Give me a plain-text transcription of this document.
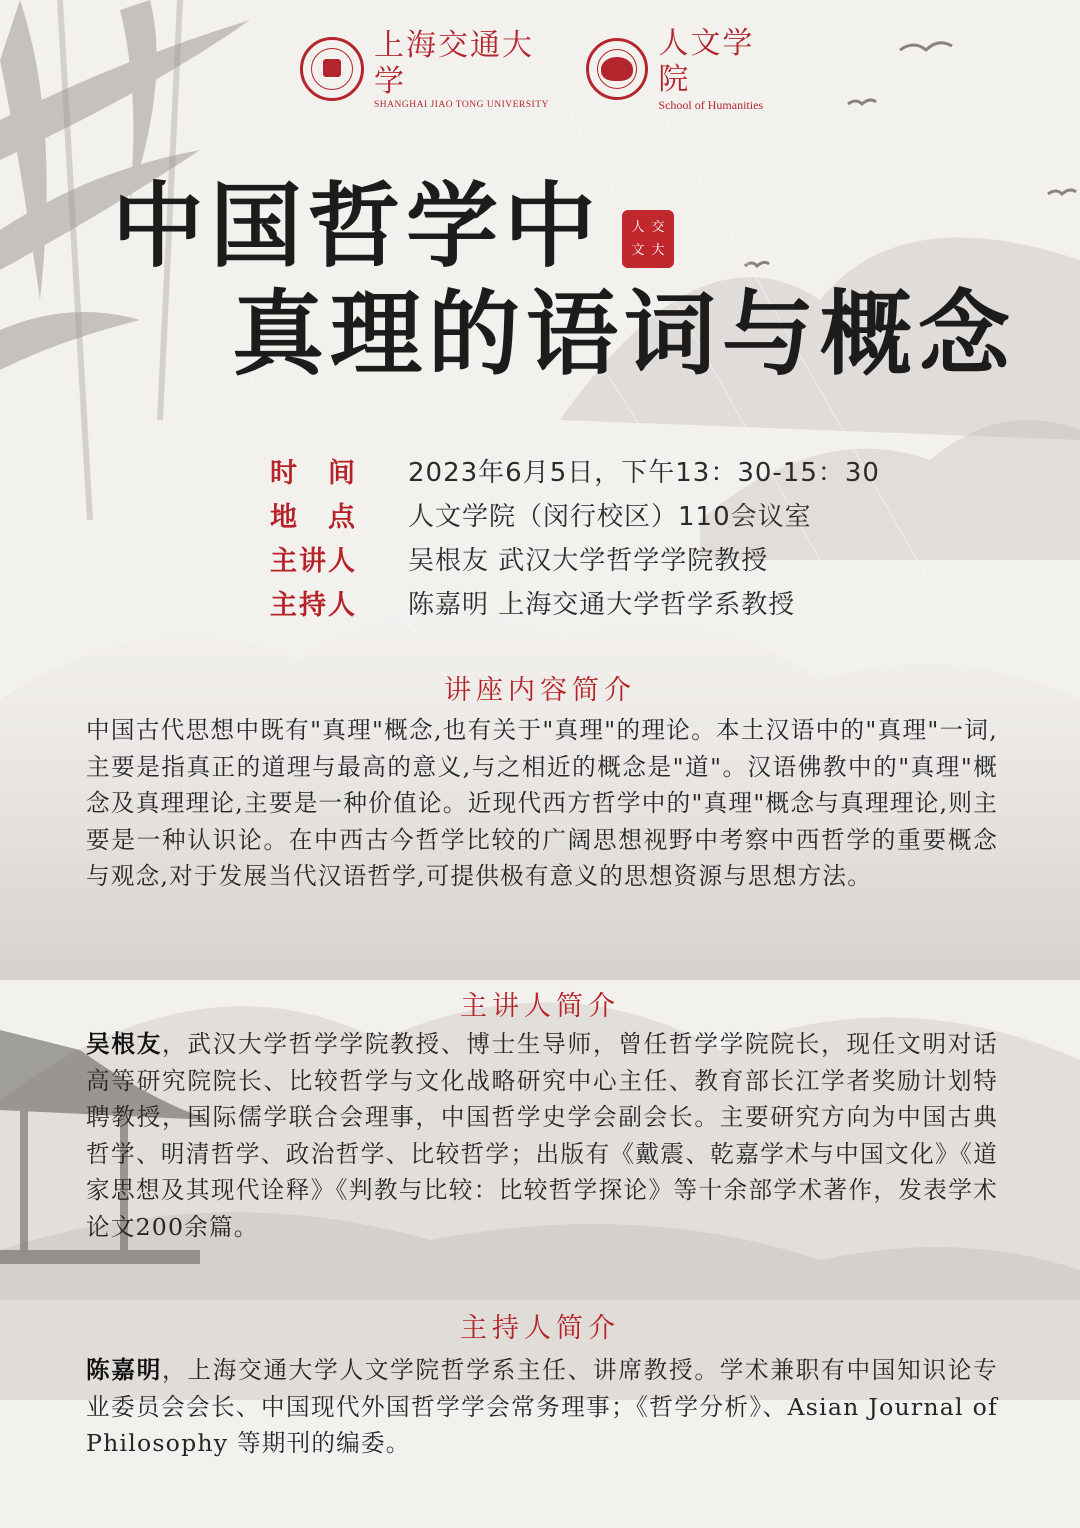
上海交通大学
SHANGHAI JIAO TONG UNIVERSITY
人文学院
School of Humanities
中国哲学中 人 交
文 大
真理的语词与概念
时　间	2023年6月5日，下午13：30-15：30
地　点	人文学院（闵行校区）110会议室
主讲人	吴根友 武汉大学哲学学院教授
主持人	陈嘉明 上海交通大学哲学系教授
讲座内容简介
中国古代思想中既有"真理"概念,也有关于"真理"的理论。本土汉语中的"真理"一词,主要是指真正的道理与最高的意义,与之相近的概念是"道"。汉语佛教中的"真理"概念及真理理论,主要是一种价值论。近现代西方哲学中的"真理"概念与真理理论,则主要是一种认识论。在中西古今哲学比较的广阔思想视野中考察中西哲学的重要概念与观念,对于发展当代汉语哲学,可提供极有意义的思想资源与思想方法。
主讲人简介
吴根友，武汉大学哲学学院教授、博士生导师，曾任哲学学院院长，现任文明对话高等研究院院长、比较哲学与文化战略研究中心主任、教育部长江学者奖励计划特聘教授，国际儒学联合会理事，中国哲学史学会副会长。主要研究方向为中国古典哲学、明清哲学、政治哲学、比较哲学；出版有《戴震、乾嘉学术与中国文化》《道家思想及其现代诠释》《判教与比较：比较哲学探论》等十余部学术著作，发表学术论文200余篇。
主持人简介
陈嘉明，上海交通大学人文学院哲学系主任、讲席教授。学术兼职有中国知识论专业委员会会长、中国现代外国哲学学会常务理事；《哲学分析》、Asian Journal of Philosophy 等期刊的编委。
